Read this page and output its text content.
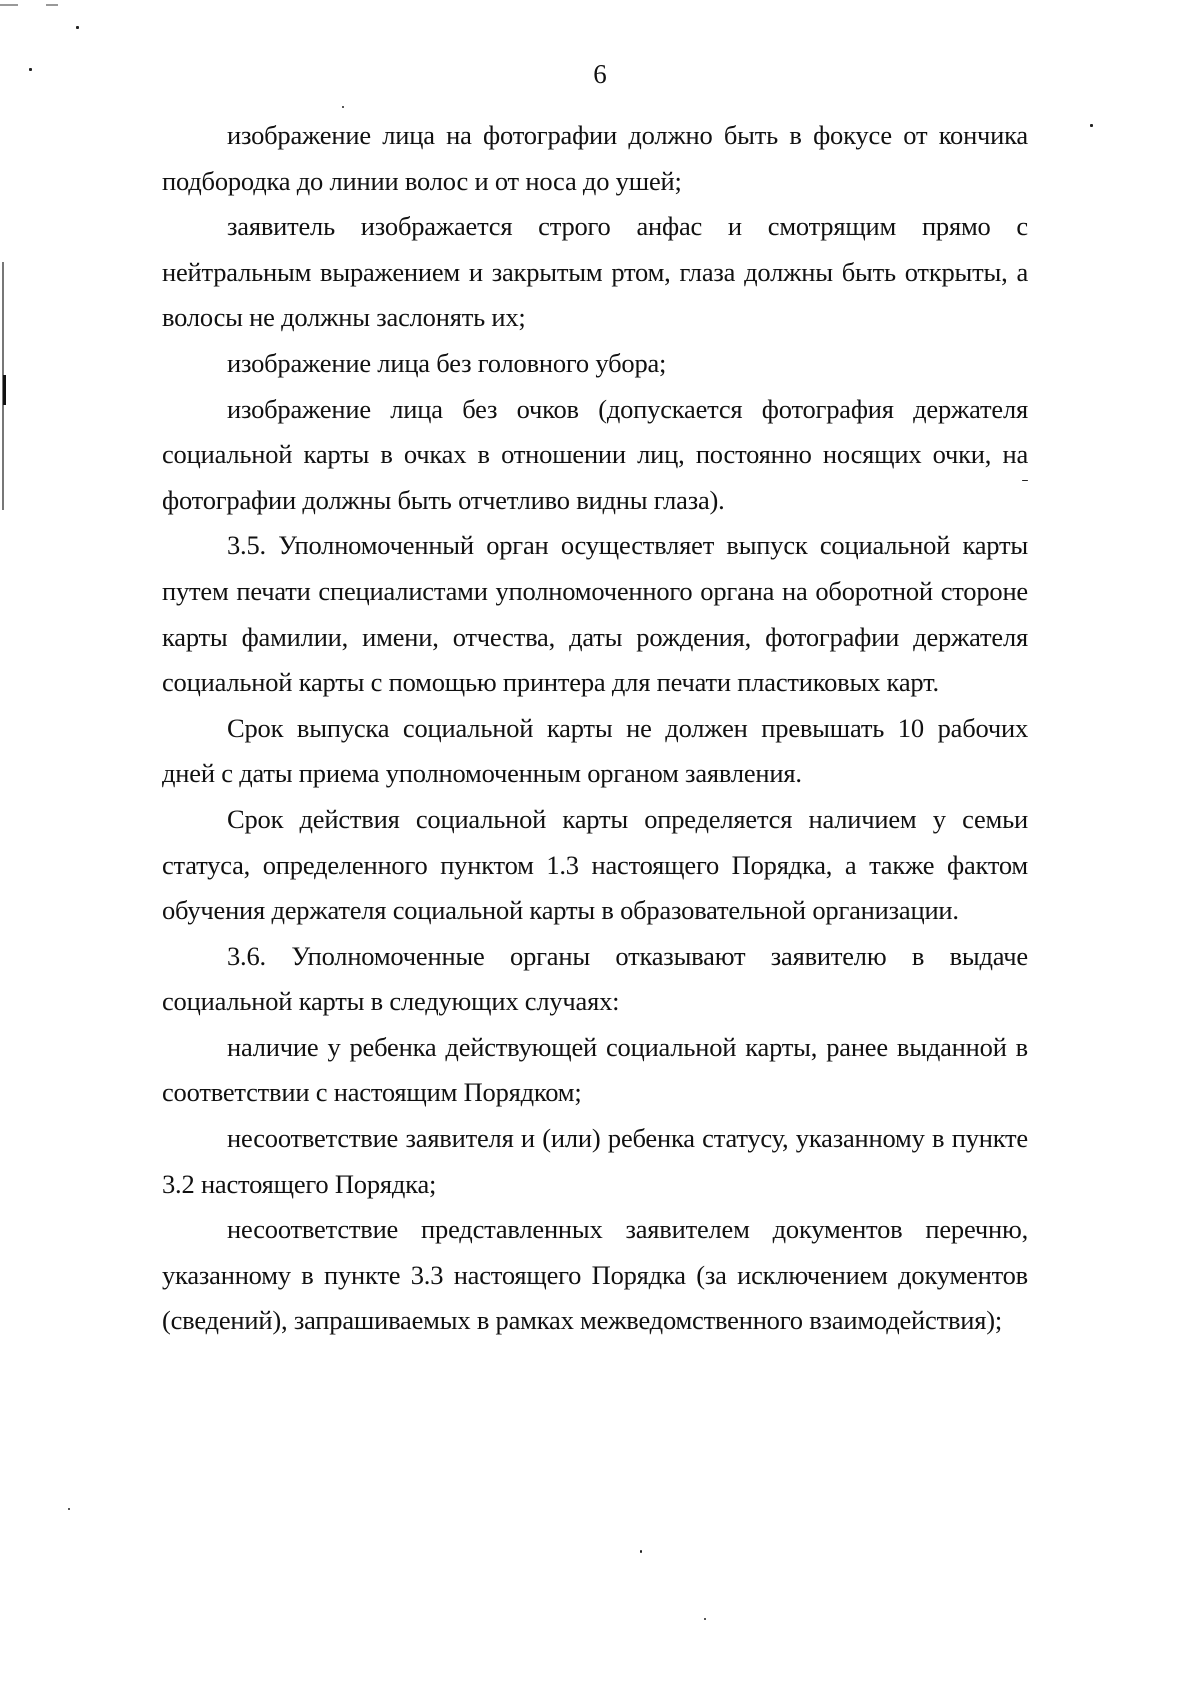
6

изображение лица на фотографии должно быть в фокусе от кончика подбородка до линии волос и от носа до ушей;

заявитель изображается строго анфас и смотрящим прямо с нейтральным выражением и закрытым ртом, глаза должны быть открыты, а волосы не должны заслонять их;

изображение лица без головного убора;

изображение лица без очков (допускается фотография держателя социальной карты в очках в отношении лиц, постоянно носящих очки, на фотографии должны быть отчетливо видны глаза).

3.5. Уполномоченный орган осуществляет выпуск социальной карты путем печати специалистами уполномоченного органа на оборотной стороне карты фамилии, имени, отчества, даты рождения, фотографии держателя социальной карты с помощью принтера для печати пластиковых карт.

Срок выпуска социальной карты не должен превышать 10 рабочих дней с даты приема уполномоченным органом заявления.

Срок действия социальной карты определяется наличием у семьи статуса, определенного пунктом 1.3 настоящего Порядка, а также фактом обучения держателя социальной карты в образовательной организации.

3.6. Уполномоченные органы отказывают заявителю в выдаче социальной карты в следующих случаях:

наличие у ребенка действующей социальной карты, ранее выданной в соответствии с настоящим Порядком;

несоответствие заявителя и (или) ребенка статусу, указанному в пункте 3.2 настоящего Порядка;

несоответствие представленных заявителем документов перечню, указанному в пункте 3.3 настоящего Порядка (за исключением документов (сведений), запрашиваемых в рамках межведомственного взаимодействия);
